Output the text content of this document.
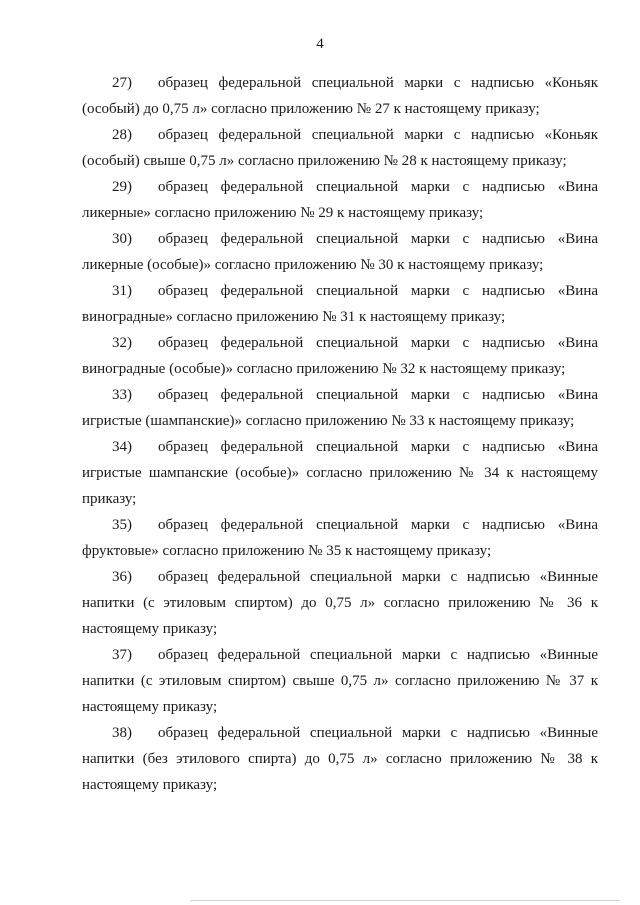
4
27) образец федеральной специальной марки с надписью «Коньяк
(особый) до 0,75 л» согласно приложению № 27 к настоящему приказу;
28) образец федеральной специальной марки с надписью «Коньяк
(особый) свыше 0,75 л» согласно приложению № 28 к настоящему приказу;
29) образец федеральной специальной марки с надписью «Вина
ликерные» согласно приложению № 29 к настоящему приказу;
30) образец федеральной специальной марки с надписью «Вина
ликерные (особые)» согласно приложению № 30 к настоящему приказу;
31) образец федеральной специальной марки с надписью «Вина
виноградные» согласно приложению № 31 к настоящему приказу;
32) образец федеральной специальной марки с надписью «Вина
виноградные (особые)» согласно приложению № 32 к настоящему приказу;
33) образец федеральной специальной марки с надписью «Вина
игристые (шампанские)» согласно приложению № 33 к настоящему приказу;
34) образец федеральной специальной марки с надписью «Вина
игристые шампанские (особые)» согласно приложению № 34 к настоящему
приказу;
35) образец федеральной специальной марки с надписью «Вина
фруктовые» согласно приложению № 35 к настоящему приказу;
36) образец федеральной специальной марки с надписью «Винные
напитки (с этиловым спиртом) до 0,75 л» согласно приложению № 36 к
настоящему приказу;
37) образец федеральной специальной марки с надписью «Винные
напитки (с этиловым спиртом) свыше 0,75 л» согласно приложению № 37 к
настоящему приказу;
38) образец федеральной специальной марки с надписью «Винные
напитки (без этилового спирта) до 0,75 л» согласно приложению № 38 к
настоящему приказу;
